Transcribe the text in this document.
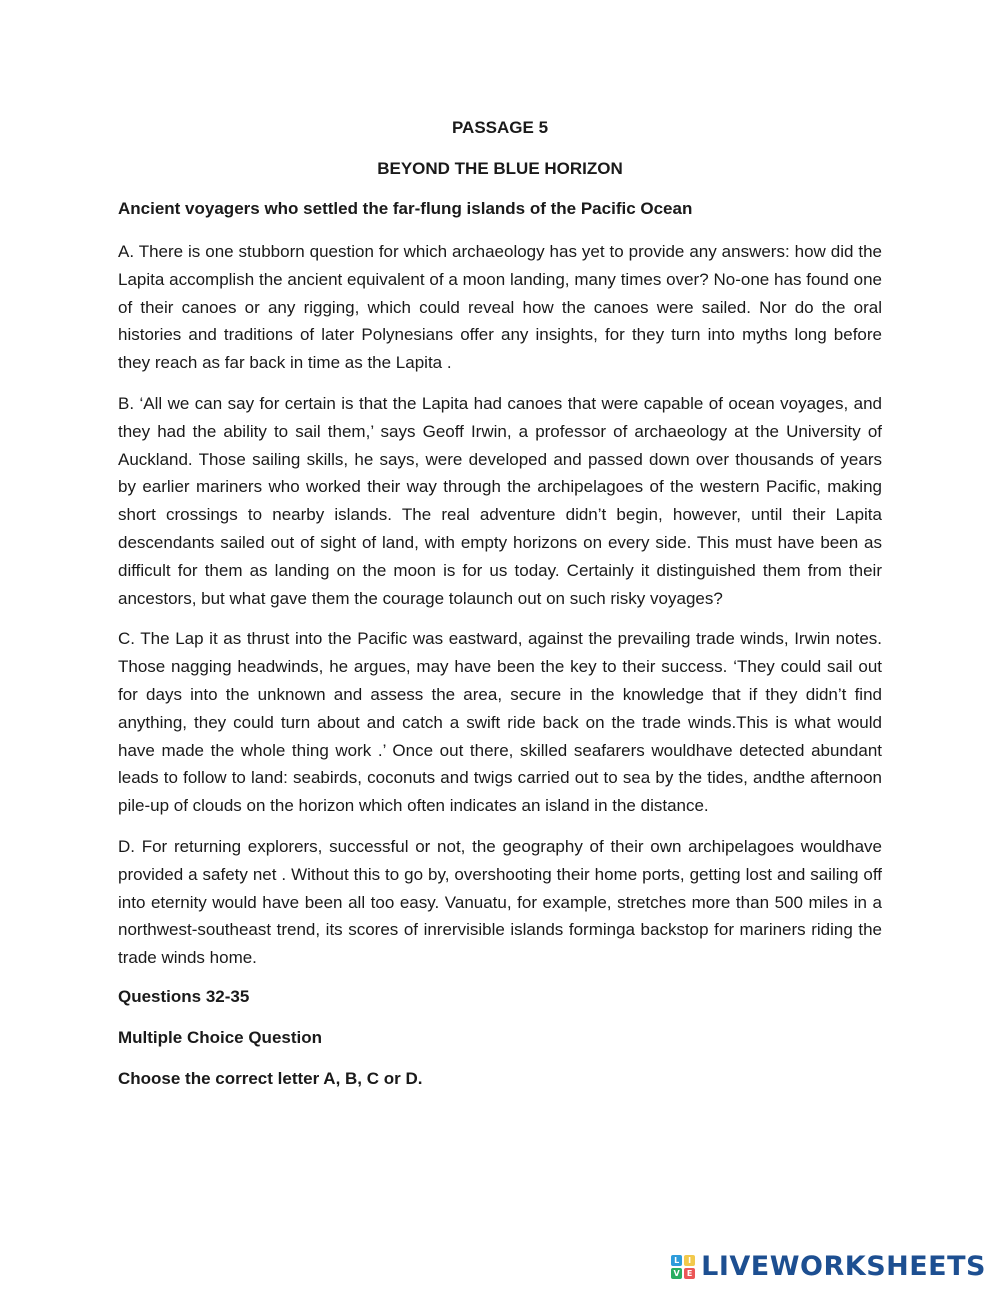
PASSAGE 5
BEYOND THE BLUE HORIZON
Ancient voyagers who settled the far-flung islands of the Pacific Ocean

A. There is one stubborn question for which archaeology has yet to provide any answers: how did the Lapita accomplish the ancient equivalent of a moon landing, many times over? No-one has found one of their canoes or any rigging, which could reveal how the canoes were sailed. Nor do the oral histories and traditions of later Polynesians offer any insights, for they turn into myths long before they reach as far back in time as the Lapita .

B. ‘All we can say for certain is that the Lapita had canoes that were capable of ocean voyages, and they had the ability to sail them,’ says Geoff Irwin, a professor of archaeology at the University of Auckland. Those sailing skills, he says, were developed and passed down over thousands of years by earlier mariners who worked their way through the archipelagoes of the western Pacific, making short crossings to nearby islands. The real adventure didn’t begin, however, until their Lapita descendants sailed out of sight of land, with empty horizons on every side. This must have been as difficult for them as landing on the moon is for us today. Certainly it distinguished them from their ancestors, but what gave them the courage tolaunch out on such risky voyages?

C. The Lap it as thrust into the Pacific was eastward, against the prevailing trade winds, Irwin notes. Those nagging headwinds, he argues, may have been the key to their success. ‘They could sail out for days into the unknown and assess the area, secure in the knowledge that if they didn’t find anything, they could turn about and catch a swift ride back on the trade winds.This is what would have made the whole thing work .’ Once out there, skilled seafarers wouldhave detected abundant leads to follow to land: seabirds, coconuts and twigs carried out to sea by the tides, andthe afternoon pile-up of clouds on the horizon which often indicates an island in the distance.

D. For returning explorers, successful or not, the geography of their own archipelagoes wouldhave provided a safety net . Without this to go by, overshooting their home ports, getting lost and sailing off into eternity would have been all too easy. Vanuatu, for example, stretches more than 500 miles in a northwest-southeast trend, its scores of inrervisible islands forminga backstop for mariners riding the trade winds home.

Questions 32-35
Multiple Choice Question
Choose the correct letter A, B, C or D.
L	I
V E LIVEWORKSHEETS
